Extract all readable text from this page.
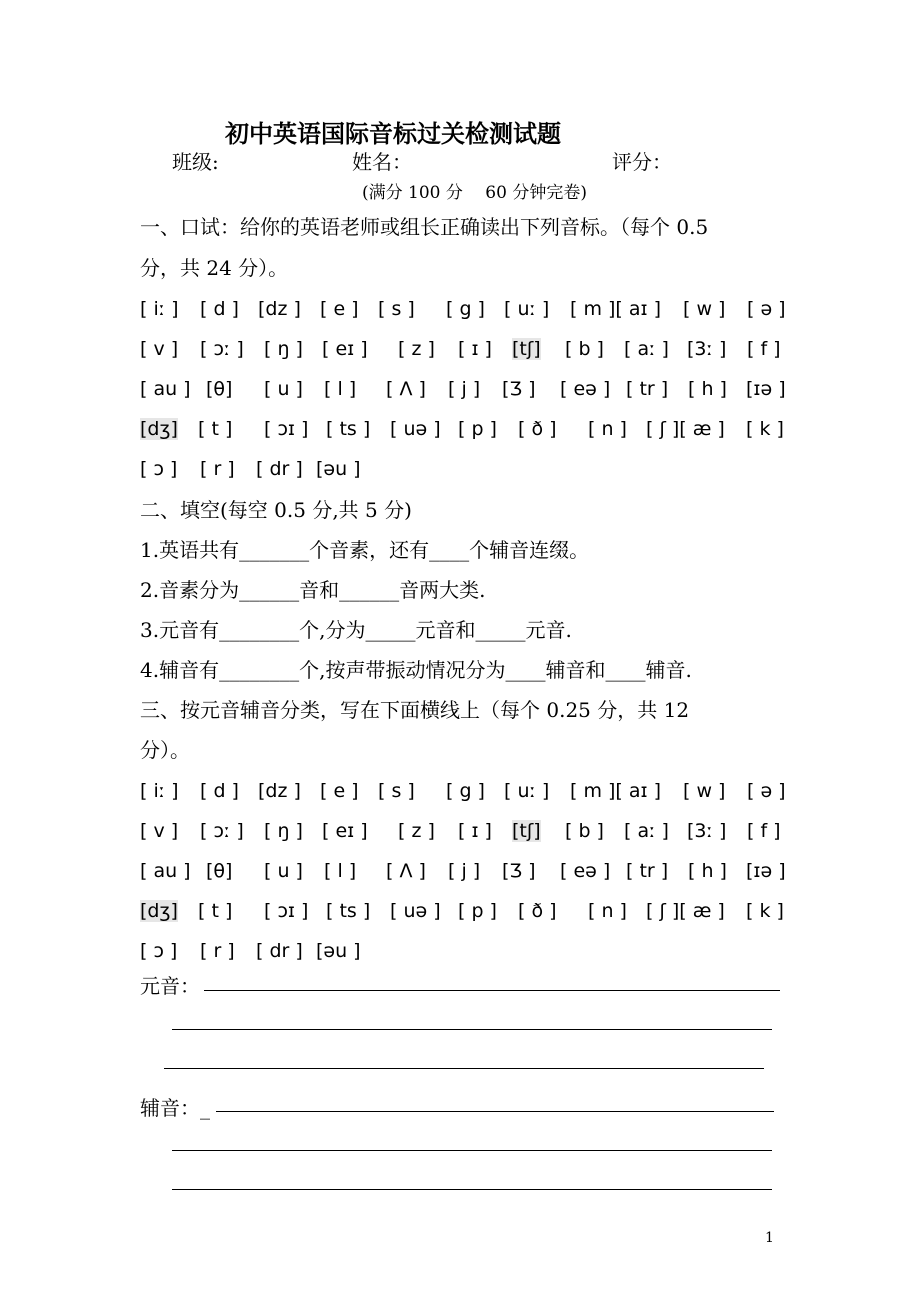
初中英语国际音标过关检测试题
班级:	姓名：	评分：
(满分 100 分　 60 分钟完卷)
一、口试：给你的英语老师或组长正确读出下列音标。（每个 0.5
分，共 24 分）。
[ iː ] [ d ] [dz ] [ e ] [ s ] [ g ] [ uː ] [ m ][ aɪ ] [ w ] [ ə ]
[ v ] [ ɔː ] [ ŋ ] [ eɪ ] [ z ] [ ɪ ] [tʃ] [ b ] [ aː ] [3ː ] [ f ]
[ au ] [θ] [ u ] [ l ] [ Λ ] [ j ] [Ʒ ] [ eə ] [ tr ] [ h ] [ɪə ]
[dʒ] [ t ] [ ɔɪ ] [ ts ] [ uə ] [ p ] [ ð ] [ n ] [ ʃ ][ æ ] [ k ]
[ ɔ ] [ r ] [ dr ] [əu ]
二、填空(每空 0.5 分,共 5 分)
1.英语共有_______个音素，还有____个辅音连缀。
2.音素分为______音和______音两大类.
3.元音有________个,分为_____元音和_____元音.
4.辅音有________个,按声带振动情况分为____辅音和____辅音.
三、按元音辅音分类，写在下面横线上（每个 0.25 分，共 12
分）。
[ iː ] [ d ] [dz ] [ e ] [ s ] [ g ] [ uː ] [ m ][ aɪ ] [ w ] [ ə ]
[ v ] [ ɔː ] [ ŋ ] [ eɪ ] [ z ] [ ɪ ] [tʃ] [ b ] [ aː ] [3ː ] [ f ]
[ au ] [θ] [ u ] [ l ] [ Λ ] [ j ] [Ʒ ] [ eə ] [ tr ] [ h ] [ɪə ]
[dʒ] [ t ] [ ɔɪ ] [ ts ] [ uə ] [ p ] [ ð ] [ n ] [ ʃ ][ æ ] [ k ]
[ ɔ ] [ r ] [ dr ] [əu ]
元音：
辅音：_
1
